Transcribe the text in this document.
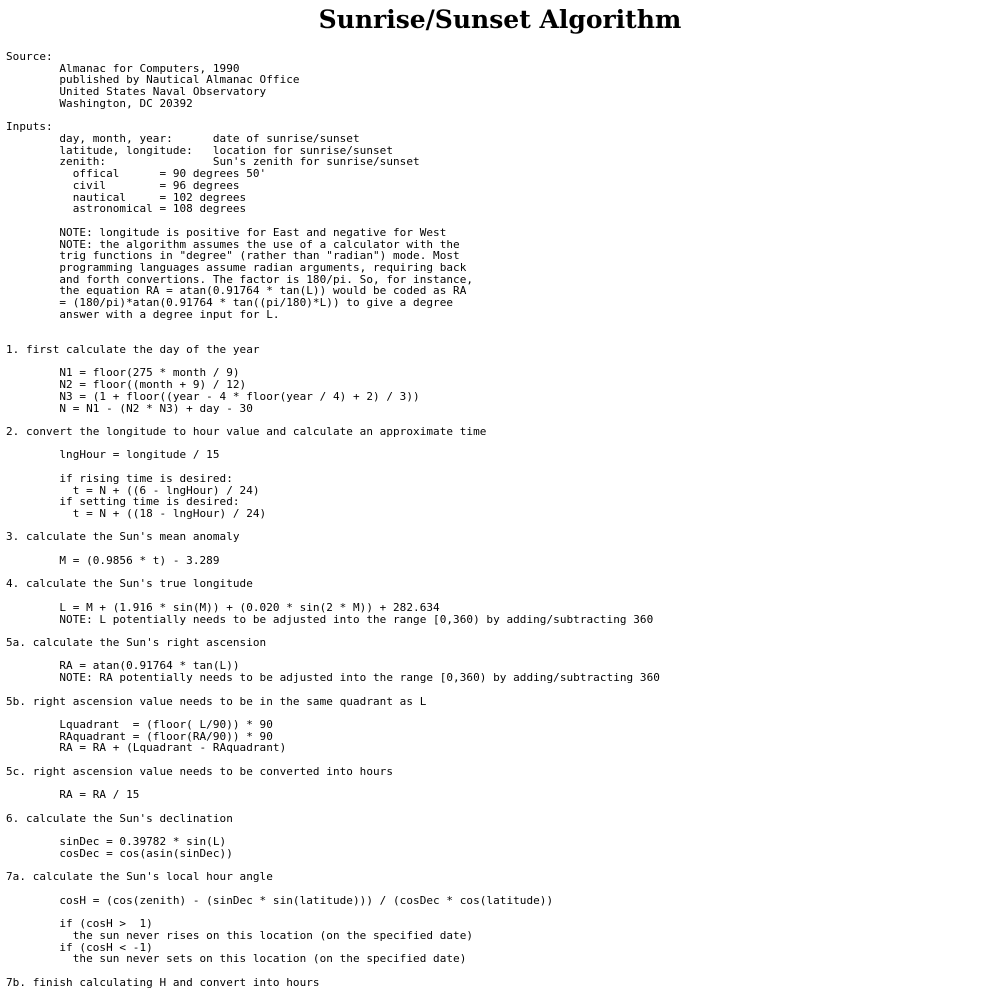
Sunrise/Sunset Algorithm
Source:
Almanac for Computers, 1990
published by Nautical Almanac Office
United States Naval Observatory
Washington, DC 20392

Inputs:
day, month, year:      date of sunrise/sunset
latitude, longitude:   location for sunrise/sunset
zenith:                Sun's zenith for sunrise/sunset
offical      = 90 degrees 50'
civil        = 96 degrees
nautical     = 102 degrees
astronomical = 108 degrees

NOTE: longitude is positive for East and negative for West
NOTE: the algorithm assumes the use of a calculator with the
trig functions in "degree" (rather than "radian") mode. Most
programming languages assume radian arguments, requiring back
and forth convertions. The factor is 180/pi. So, for instance,
the equation RA = atan(0.91764 * tan(L)) would be coded as RA
= (180/pi)*atan(0.91764 * tan((pi/180)*L)) to give a degree
answer with a degree input for L.

1. first calculate the day of the year

N1 = floor(275 * month / 9)
N2 = floor((month + 9) / 12)
N3 = (1 + floor((year - 4 * floor(year / 4) + 2) / 3))
N = N1 - (N2 * N3) + day - 30

2. convert the longitude to hour value and calculate an approximate time

lngHour = longitude / 15

if rising time is desired:
t = N + ((6 - lngHour) / 24)
if setting time is desired:
t = N + ((18 - lngHour) / 24)

3. calculate the Sun's mean anomaly

M = (0.9856 * t) - 3.289

4. calculate the Sun's true longitude

L = M + (1.916 * sin(M)) + (0.020 * sin(2 * M)) + 282.634
NOTE: L potentially needs to be adjusted into the range [0,360) by adding/subtracting 360

5a. calculate the Sun's right ascension

RA = atan(0.91764 * tan(L))
NOTE: RA potentially needs to be adjusted into the range [0,360) by adding/subtracting 360

5b. right ascension value needs to be in the same quadrant as L

Lquadrant  = (floor( L/90)) * 90
RAquadrant = (floor(RA/90)) * 90
RA = RA + (Lquadrant - RAquadrant)

5c. right ascension value needs to be converted into hours

RA = RA / 15

6. calculate the Sun's declination

sinDec = 0.39782 * sin(L)
cosDec = cos(asin(sinDec))

7a. calculate the Sun's local hour angle

cosH = (cos(zenith) - (sinDec * sin(latitude))) / (cosDec * cos(latitude))

if (cosH >  1)
the sun never rises on this location (on the specified date)
if (cosH < -1)
the sun never sets on this location (on the specified date)

7b. finish calculating H and convert into hours
